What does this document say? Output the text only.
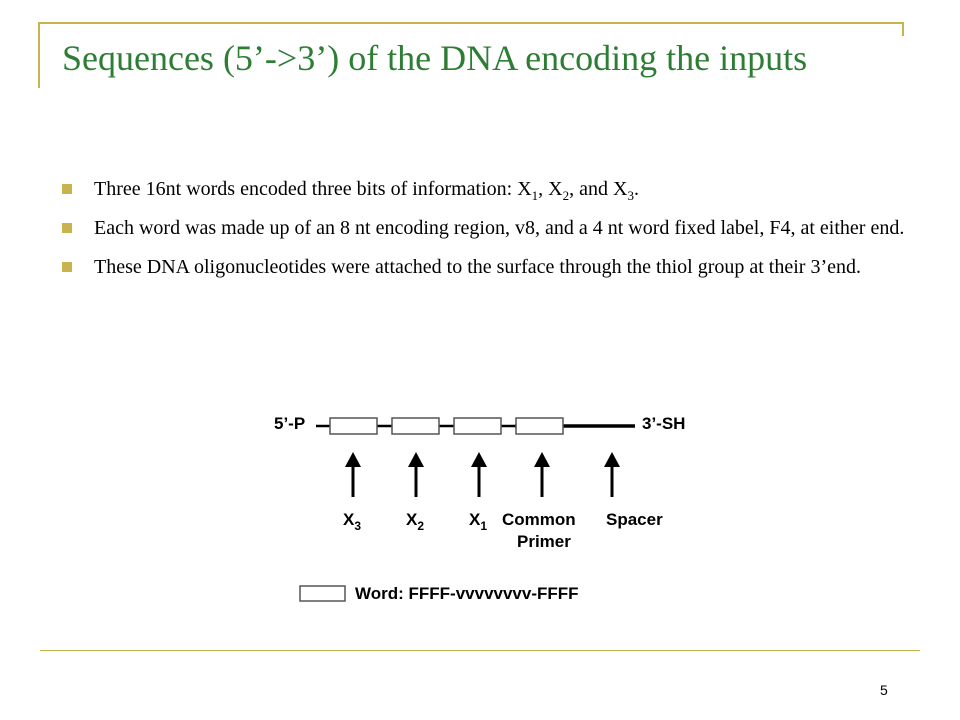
Sequences (5’->3’) of the DNA encoding the inputs
Three 16nt words encoded three bits of information: $X_1$, $X_2$, and $X_3$.
Each word was made up of an 8 nt encoding region, v8, and a 4 nt word fixed label, F4, at either end.
These DNA oligonucleotides were attached to the surface through the thiol group at their 3’end.
5’-P	3’-SH
$X_3$	$X_2$	$X_1$ Common
Primer
Spacer
Word: FFFF-vvvvvvvv-FFFF
5
